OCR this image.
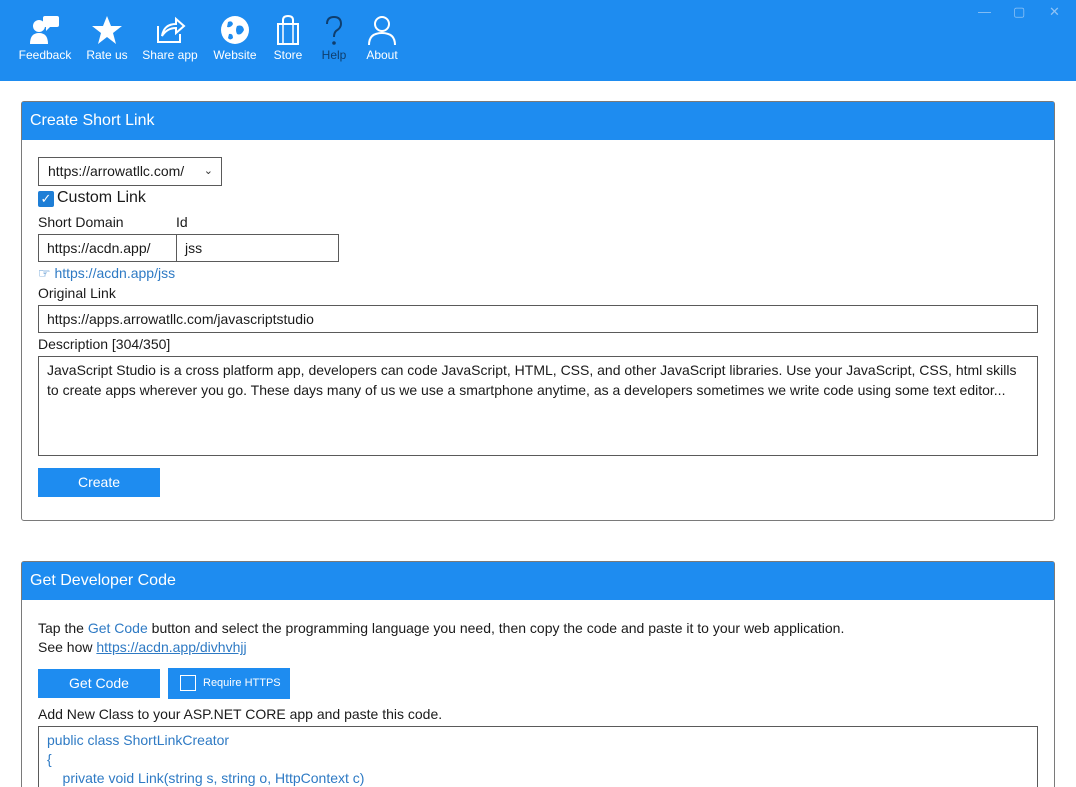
Feedback Rate us Share app Website Store	Help	About
— ▢ ✕
Create Short Link
https://arrowatllc.com/ ⌄
✓ Custom Link
Short Domain	Id
https://acdn.app/	jss
☞ https://acdn.app/jss
Original Link
https://apps.arrowatllc.com/javascriptstudio
Description [304/350]
JavaScript Studio is a cross platform app, developers can code JavaScript, HTML, CSS, and other JavaScript libraries. Use your JavaScript, CSS, html skills to create apps wherever you go. These days many of us we use a smartphone anytime, as a developers sometimes we write code using some text editor...
Create
Get Developer Code
Tap the Get Code button and select the programming language you need, then copy the code and paste it to your web application.
See how https://acdn.app/divhvhjj
Get Code	Require HTTPS
Add New Class to your ASP.NET CORE app and paste this code.
public class ShortLinkCreator
{
private void Link(string s, string o, HttpContext c)
